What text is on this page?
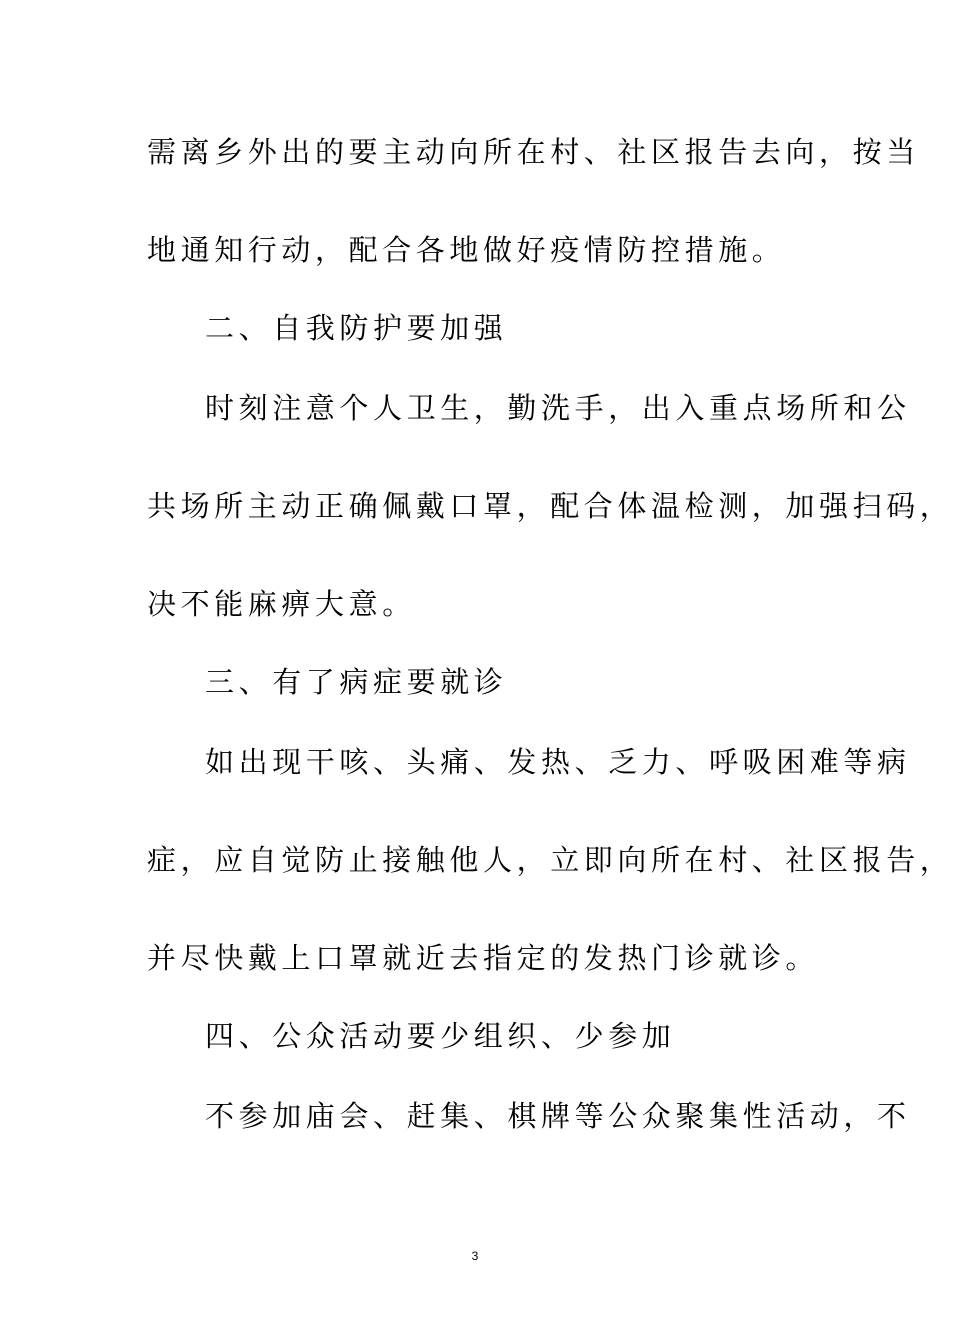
需离乡外出的要主动向所在村、社区报告去向，按当
地通知行动，配合各地做好疫情防控措施。
二、自我防护要加强
时刻注意个人卫生，勤洗手，出入重点场所和公
共场所主动正确佩戴口罩，配合体温检测，加强扫码，
决不能麻痹大意。
三、有了病症要就诊
如出现干咳、头痛、发热、乏力、呼吸困难等病
症，应自觉防止接触他人，立即向所在村、社区报告，
并尽快戴上口罩就近去指定的发热门诊就诊。
四、公众活动要少组织、少参加
不参加庙会、赶集、棋牌等公众聚集性活动，不
3
